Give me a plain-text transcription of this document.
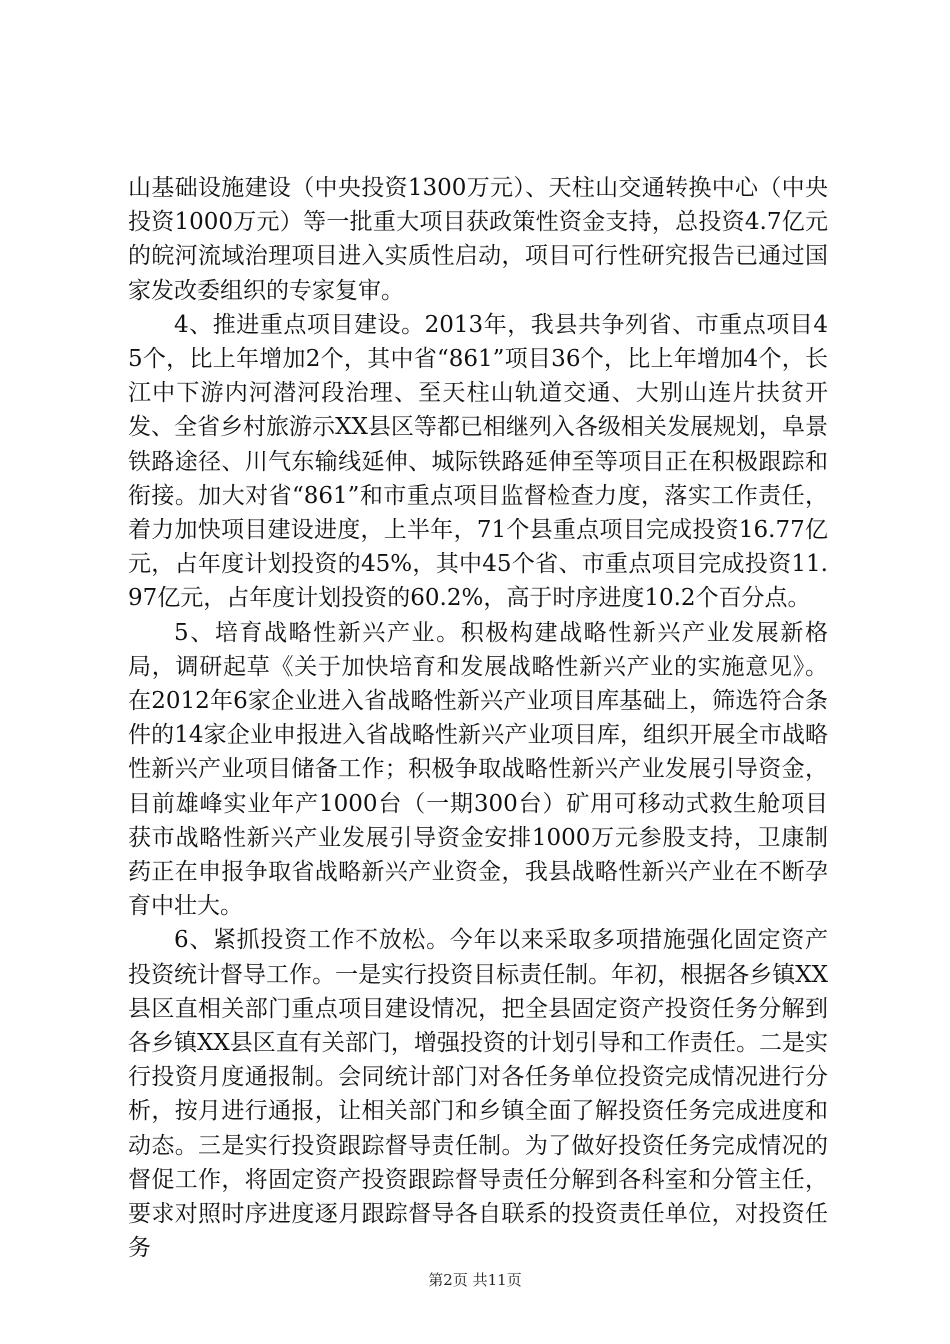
山基础设施建设（中央投资1300万元）、天柱山交通转换中心（中央投资1000万元）等一批重大项目获政策性资金支持，总投资4.7亿元的皖河流域治理项目进入实质性启动，项目可行性研究报告已通过国家发改委组织的专家复审。

4、推进重点项目建设。2013年，我县共争列省、市重点项目45个，比上年增加2个，其中省“861”项目36个，比上年增加4个，长江中下游内河潜河段治理、至天柱山轨道交通、大别山连片扶贫开发、全省乡村旅游示XX县区等都已相继列入各级相关发展规划，阜景铁路途径、川气东输线延伸、城际铁路延伸至等项目正在积极跟踪和衔接。加大对省“861”和市重点项目监督检查力度，落实工作责任，着力加快项目建设进度，上半年，71个县重点项目完成投资16.77亿元，占年度计划投资的45%，其中45个省、市重点项目完成投资11.97亿元，占年度计划投资的60.2%，高于时序进度10.2个百分点。

5、培育战略性新兴产业。积极构建战略性新兴产业发展新格局，调研起草《关于加快培育和发展战略性新兴产业的实施意见》。在2012年6家企业进入省战略性新兴产业项目库基础上，筛选符合条件的14家企业申报进入省战略性新兴产业项目库，组织开展全市战略性新兴产业项目储备工作；积极争取战略性新兴产业发展引导资金，目前雄峰实业年产1000台（一期300台）矿用可移动式救生舱项目获市战略性新兴产业发展引导资金安排1000万元参股支持，卫康制药正在申报争取省战略新兴产业资金，我县战略性新兴产业在不断孕育中壮大。

6、紧抓投资工作不放松。今年以来采取多项措施强化固定资产投资统计督导工作。一是实行投资目标责任制。年初，根据各乡镇XX县区直相关部门重点项目建设情况，把全县固定资产投资任务分解到各乡镇XX县区直有关部门，增强投资的计划引导和工作责任。二是实行投资月度通报制。会同统计部门对各任务单位投资完成情况进行分析，按月进行通报，让相关部门和乡镇全面了解投资任务完成进度和动态。三是实行投资跟踪督导责任制。为了做好投资任务完成情况的督促工作，将固定资产投资跟踪督导责任分解到各科室和分管主任，要求对照时序进度逐月跟踪督导各自联系的投资责任单位，对投资任务

第2页 共11页
